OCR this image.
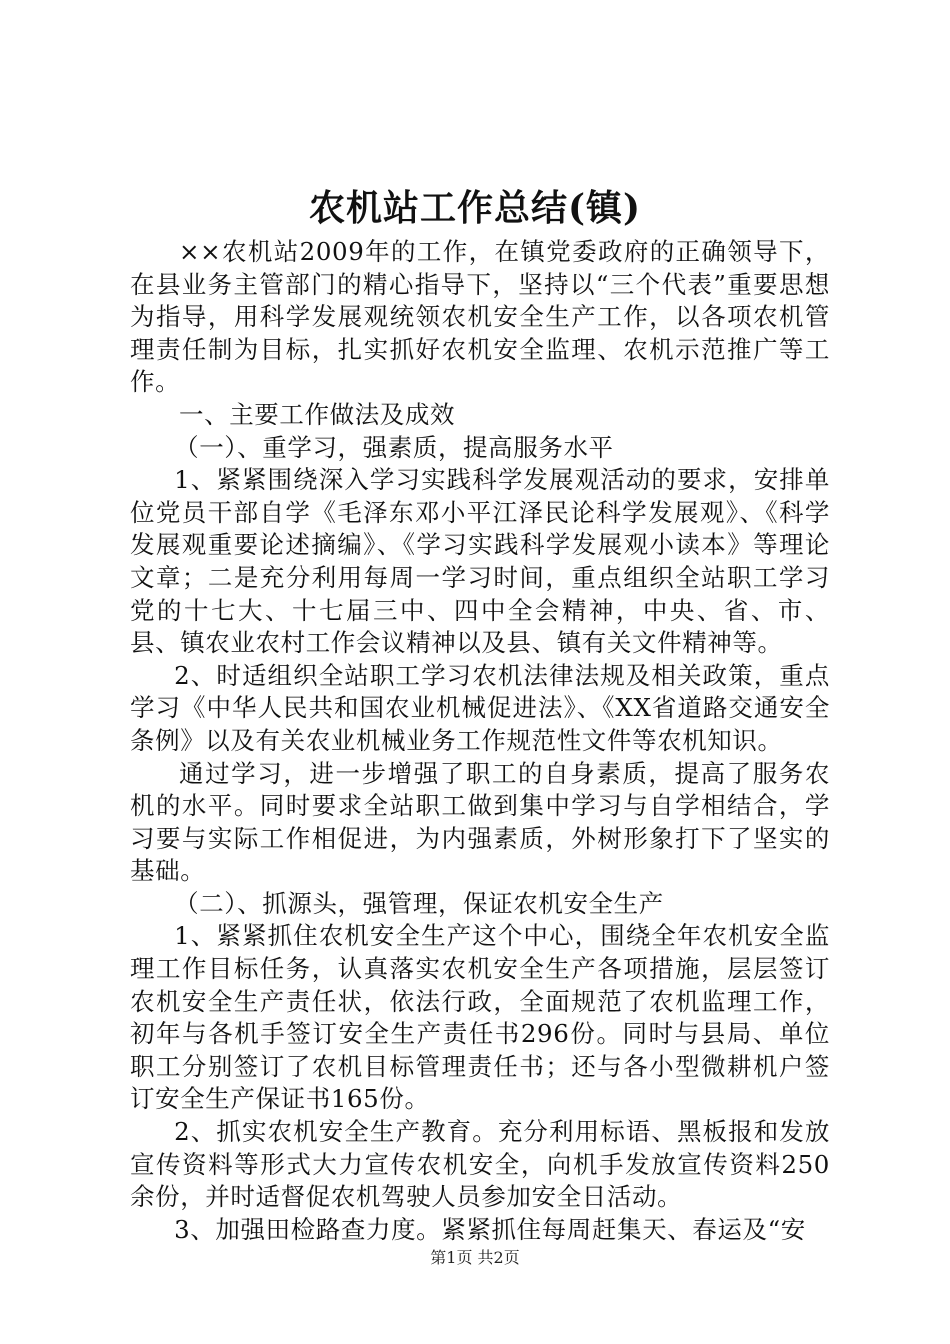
农机站工作总结(镇)

××农机站2009年的工作，在镇党委政府的正确领导下，在县业务主管部门的精心指导下，坚持以“三个代表”重要思想为指导，用科学发展观统领农机安全生产工作，以各项农机管理责任制为目标，扎实抓好农机安全监理、农机示范推广等工作。

一、主要工作做法及成效

（一）、重学习，强素质，提高服务水平

1、紧紧围绕深入学习实践科学发展观活动的要求，安排单位党员干部自学《毛泽东邓小平江泽民论科学发展观》、《科学发展观重要论述摘编》、《学习实践科学发展观小读本》等理论文章；二是充分利用每周一学习时间，重点组织全站职工学习党的十七大、十七届三中、四中全会精神，中央、省、市、县、镇农业农村工作会议精神以及县、镇有关文件精神等。

2、时适组织全站职工学习农机法律法规及相关政策，重点学习《中华人民共和国农业机械促进法》、《XX省道路交通安全条例》以及有关农业机械业务工作规范性文件等农机知识。

通过学习，进一步增强了职工的自身素质，提高了服务农机的水平。同时要求全站职工做到集中学习与自学相结合，学习要与实际工作相促进，为内强素质，外树形象打下了坚实的基础。

（二）、抓源头，强管理，保证农机安全生产

1、紧紧抓住农机安全生产这个中心，围绕全年农机安全监理工作目标任务，认真落实农机安全生产各项措施，层层签订农机安全生产责任状，依法行政，全面规范了农机监理工作，初年与各机手签订安全生产责任书296份。同时与县局、单位职工分别签订了农机目标管理责任书；还与各小型微耕机户签订安全生产保证书165份。

2、抓实农机安全生产教育。充分利用标语、黑板报和发放宣传资料等形式大力宣传农机安全，向机手发放宣传资料250余份，并时适督促农机驾驶人员参加安全日活动。

3、加强田检路查力度。紧紧抓住每周赶集天、春运及“安

第1页 共2页
